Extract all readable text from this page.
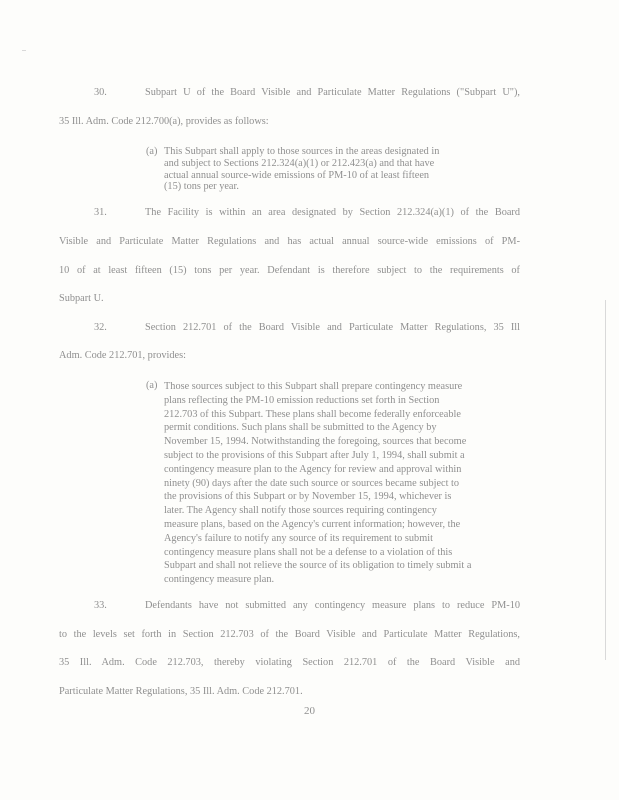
30.	Subpart U of the Board Visible and Particulate Matter Regulations ("Subpart U"),
35 Ill. Adm. Code 212.700(a), provides as follows:
(a) This Subpart shall apply to those sources in the areas designated in

and subject to Sections 212.324(a)(1) or 212.423(a) and that have

actual annual source-wide emissions of PM-10 of at least fifteen

(15) tons per year.

31.	The Facility is within an area designated by Section 212.324(a)(1) of the Board
Visible and Particulate Matter Regulations and has actual annual source-wide emissions of PM-
10 of at least fifteen (15) tons per year. Defendant is therefore subject to the requirements of
Subpart U.
32.	Section 212.701 of the Board Visible and Particulate Matter Regulations, 35 Ill
Adm. Code 212.701, provides:
(a) Those sources subject to this Subpart shall prepare contingency measure

plans reflecting the PM-10 emission reductions set forth in Section

212.703 of this Subpart. These plans shall become federally enforceable

permit conditions. Such plans shall be submitted to the Agency by

November 15, 1994. Notwithstanding the foregoing, sources that become

subject to the provisions of this Subpart after July 1, 1994, shall submit a

contingency measure plan to the Agency for review and approval within

ninety (90) days after the date such source or sources became subject to

the provisions of this Subpart or by November 15, 1994, whichever is

later. The Agency shall notify those sources requiring contingency

measure plans, based on the Agency's current information; however, the

Agency's failure to notify any source of its requirement to submit

contingency measure plans shall not be a defense to a violation of this

Subpart and shall not relieve the source of its obligation to timely submit a

contingency measure plan.

33.	Defendants have not submitted any contingency measure plans to reduce PM-10
to the levels set forth in Section 212.703 of the Board Visible and Particulate Matter Regulations,
35 Ill. Adm. Code 212.703, thereby violating Section 212.701 of the Board Visible and
Particulate Matter Regulations, 35 Ill. Adm. Code 212.701.
20
